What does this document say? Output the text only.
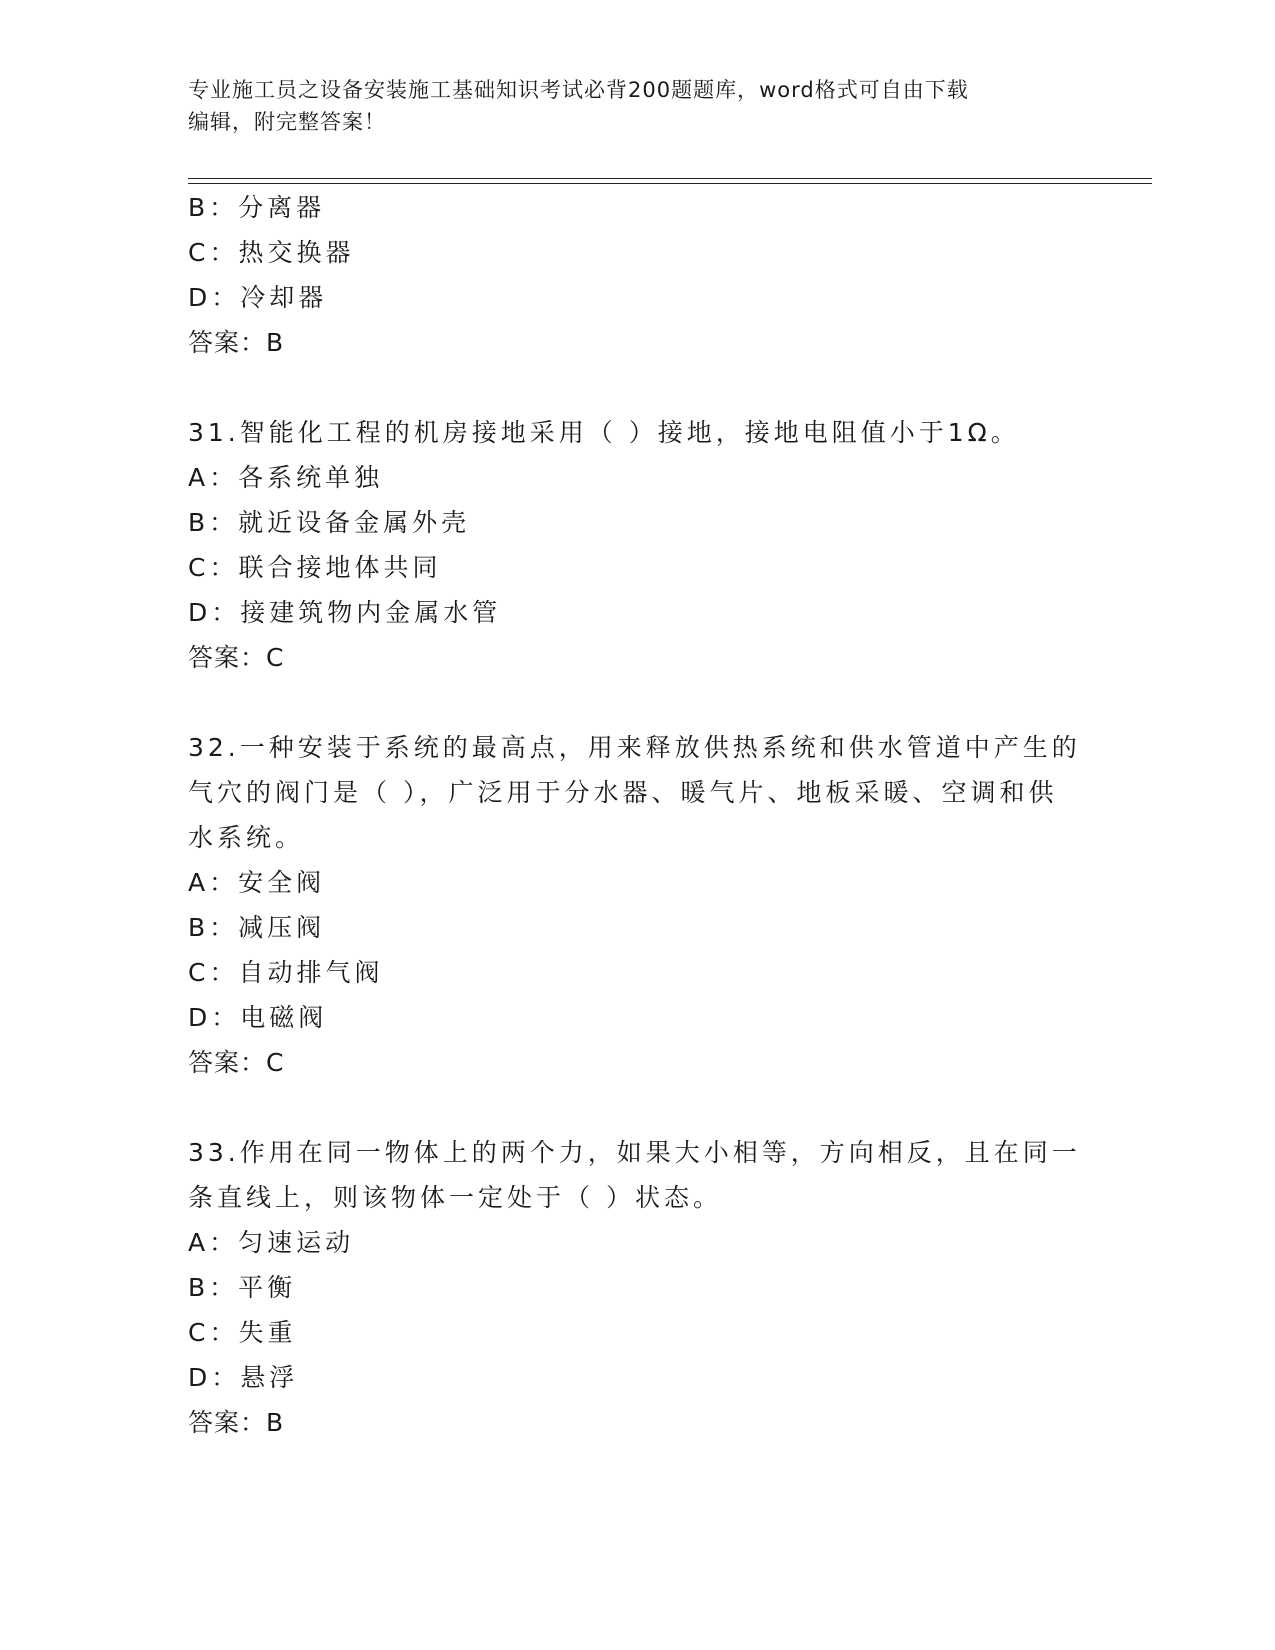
专业施工员之设备安装施工基础知识考试必背200题题库，word格式可自由下载
编辑，附完整答案！
B：分离器
C：热交换器
D：冷却器
答案：B
31.智能化工程的机房接地采用（ ）接地，接地电阻值小于1Ω。
A：各系统单独
B：就近设备金属外壳
C：联合接地体共同
D：接建筑物内金属水管
答案：C
32.一种安装于系统的最高点，用来释放供热系统和供水管道中产生的
气穴的阀门是（ ），广泛用于分水器、暖气片、地板采暖、空调和供
水系统。
A：安全阀
B：减压阀
C：自动排气阀
D：电磁阀
答案：C
33.作用在同一物体上的两个力，如果大小相等，方向相反，且在同一
条直线上，则该物体一定处于（ ）状态。
A：匀速运动
B：平衡
C：失重
D：悬浮
答案：B
